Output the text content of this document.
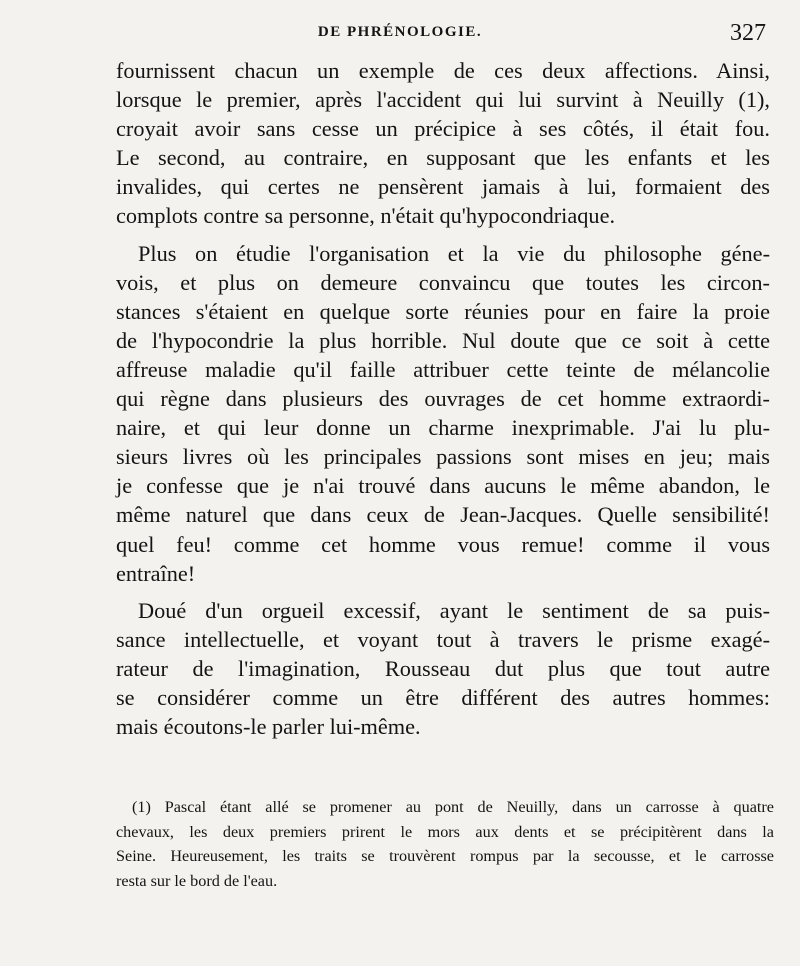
DE PHRÉNOLOGIE.	327
fournissent chacun un exemple de ces deux affections. Ainsi,
lorsque le premier, après l'accident qui lui survint à Neuilly (1),
croyait avoir sans cesse un précipice à ses côtés, il était fou.
Le second, au contraire, en supposant que les enfants et les
invalides, qui certes ne pensèrent jamais à lui, formaient des
complots contre sa personne, n'était qu'hypocondriaque.
Plus on étudie l'organisation et la vie du philosophe géne-
vois, et plus on demeure convaincu que toutes les circon-
stances s'étaient en quelque sorte réunies pour en faire la proie
de l'hypocondrie la plus horrible. Nul doute que ce soit à cette
affreuse maladie qu'il faille attribuer cette teinte de mélancolie
qui règne dans plusieurs des ouvrages de cet homme extraordi-
naire, et qui leur donne un charme inexprimable. J'ai lu plu-
sieurs livres où les principales passions sont mises en jeu; mais
je confesse que je n'ai trouvé dans aucuns le même abandon, le
même naturel que dans ceux de Jean-Jacques. Quelle sensibilité!
quel feu! comme cet homme vous remue! comme il vous
entraîne!
Doué d'un orgueil excessif, ayant le sentiment de sa puis-
sance intellectuelle, et voyant tout à travers le prisme exagé-
rateur de l'imagination, Rousseau dut plus que tout autre
se considérer comme un être différent des autres hommes:
mais écoutons-le parler lui-même.
(1) Pascal étant allé se promener au pont de Neuilly, dans un carrosse à quatre
chevaux, les deux premiers prirent le mors aux dents et se précipitèrent dans la
Seine. Heureusement, les traits se trouvèrent rompus par la secousse, et le carrosse
resta sur le bord de l'eau.
